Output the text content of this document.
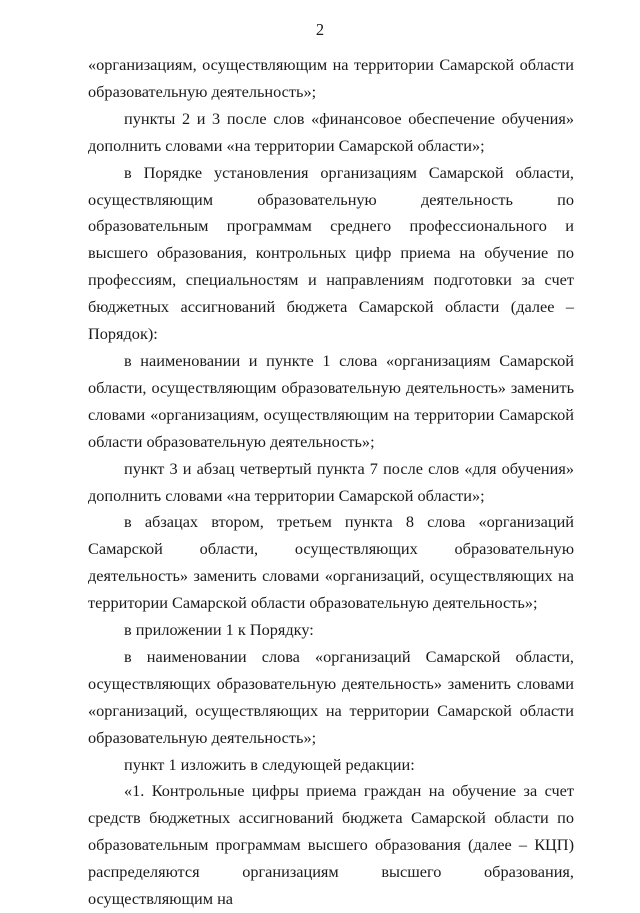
2

«организациям, осуществляющим на территории Самарской области образовательную деятельность»;

пункты 2 и 3 после слов «финансовое обеспечение обучения» дополнить словами «на территории Самарской области»;

в Порядке установления организациям Самарской области, осуществляющим образовательную деятельность по образовательным программам среднего профессионального и высшего образования, контрольных цифр приема на обучение по профессиям, специальностям и направлениям подготовки за счет бюджетных ассигнований бюджета Самарской области (далее – Порядок):

в наименовании и пункте 1 слова «организациям Самарской области, осуществляющим образовательную деятельность» заменить словами «организациям, осуществляющим на территории Самарской области образовательную деятельность»;

пункт 3 и абзац четвертый пункта 7 после слов «для обучения» дополнить словами «на территории Самарской области»;

в абзацах втором, третьем пункта 8 слова «организаций Самарской области, осуществляющих образовательную деятельность» заменить словами «организаций, осуществляющих на территории Самарской области образовательную деятельность»;

в приложении 1 к Порядку:

в наименовании слова «организаций Самарской области, осуществляющих образовательную деятельность» заменить словами «организаций, осуществляющих на территории Самарской области образовательную деятельность»;

пункт 1 изложить в следующей редакции:

«1. Контрольные цифры приема граждан на обучение за счет средств бюджетных ассигнований бюджета Самарской области по образовательным программам высшего образования (далее – КЦП) распределяются организациям высшего образования, осуществляющим на
